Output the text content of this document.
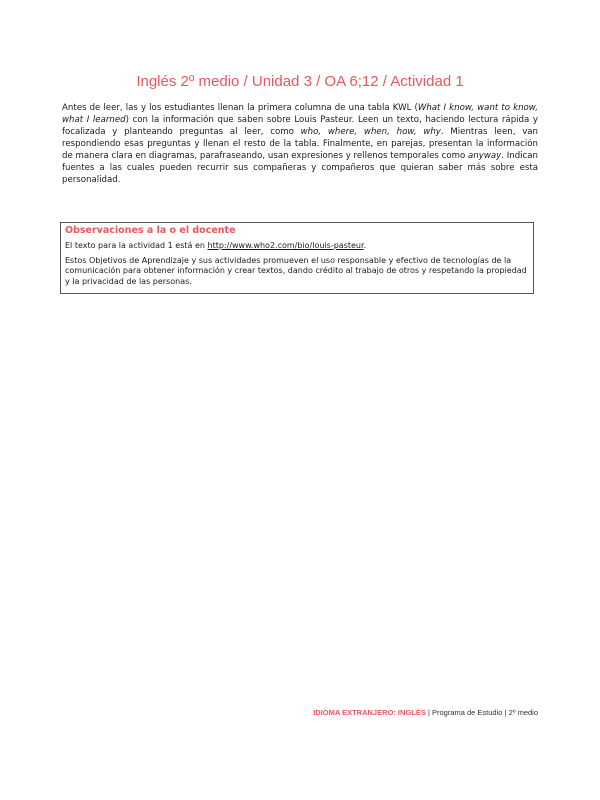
Inglés 2º medio / Unidad 3 / OA 6;12 / Actividad 1

Antes de leer, las y los estudiantes llenan la primera columna de una tabla KWL (What I know, want to know, what I learned) con la información que saben sobre Louis Pasteur. Leen un texto, haciendo lectura rápida y focalizada y planteando preguntas al leer, como who, where, when, how, why. Mientras leen, van respondiendo esas preguntas y llenan el resto de la tabla. Finalmente, en parejas, presentan la información de manera clara en diagramas, parafraseando, usan expresiones y rellenos temporales como anyway. Indican fuentes a las cuales pueden recurrir sus compañeras y compañeros que quieran saber más sobre esta personalidad.

Observaciones a la o el docente

El texto para la actividad 1 está en http://www.who2.com/bio/louis-pasteur.

Estos Objetivos de Aprendizaje y sus actividades promueven el uso responsable y efectivo de tecnologías de la comunicación para obtener información y crear textos, dando crédito al trabajo de otros y respetando la propiedad y la privacidad de las personas.

IDIOMA EXTRANJERO: INGLÉS | Programa de Estudio | 2º medio
